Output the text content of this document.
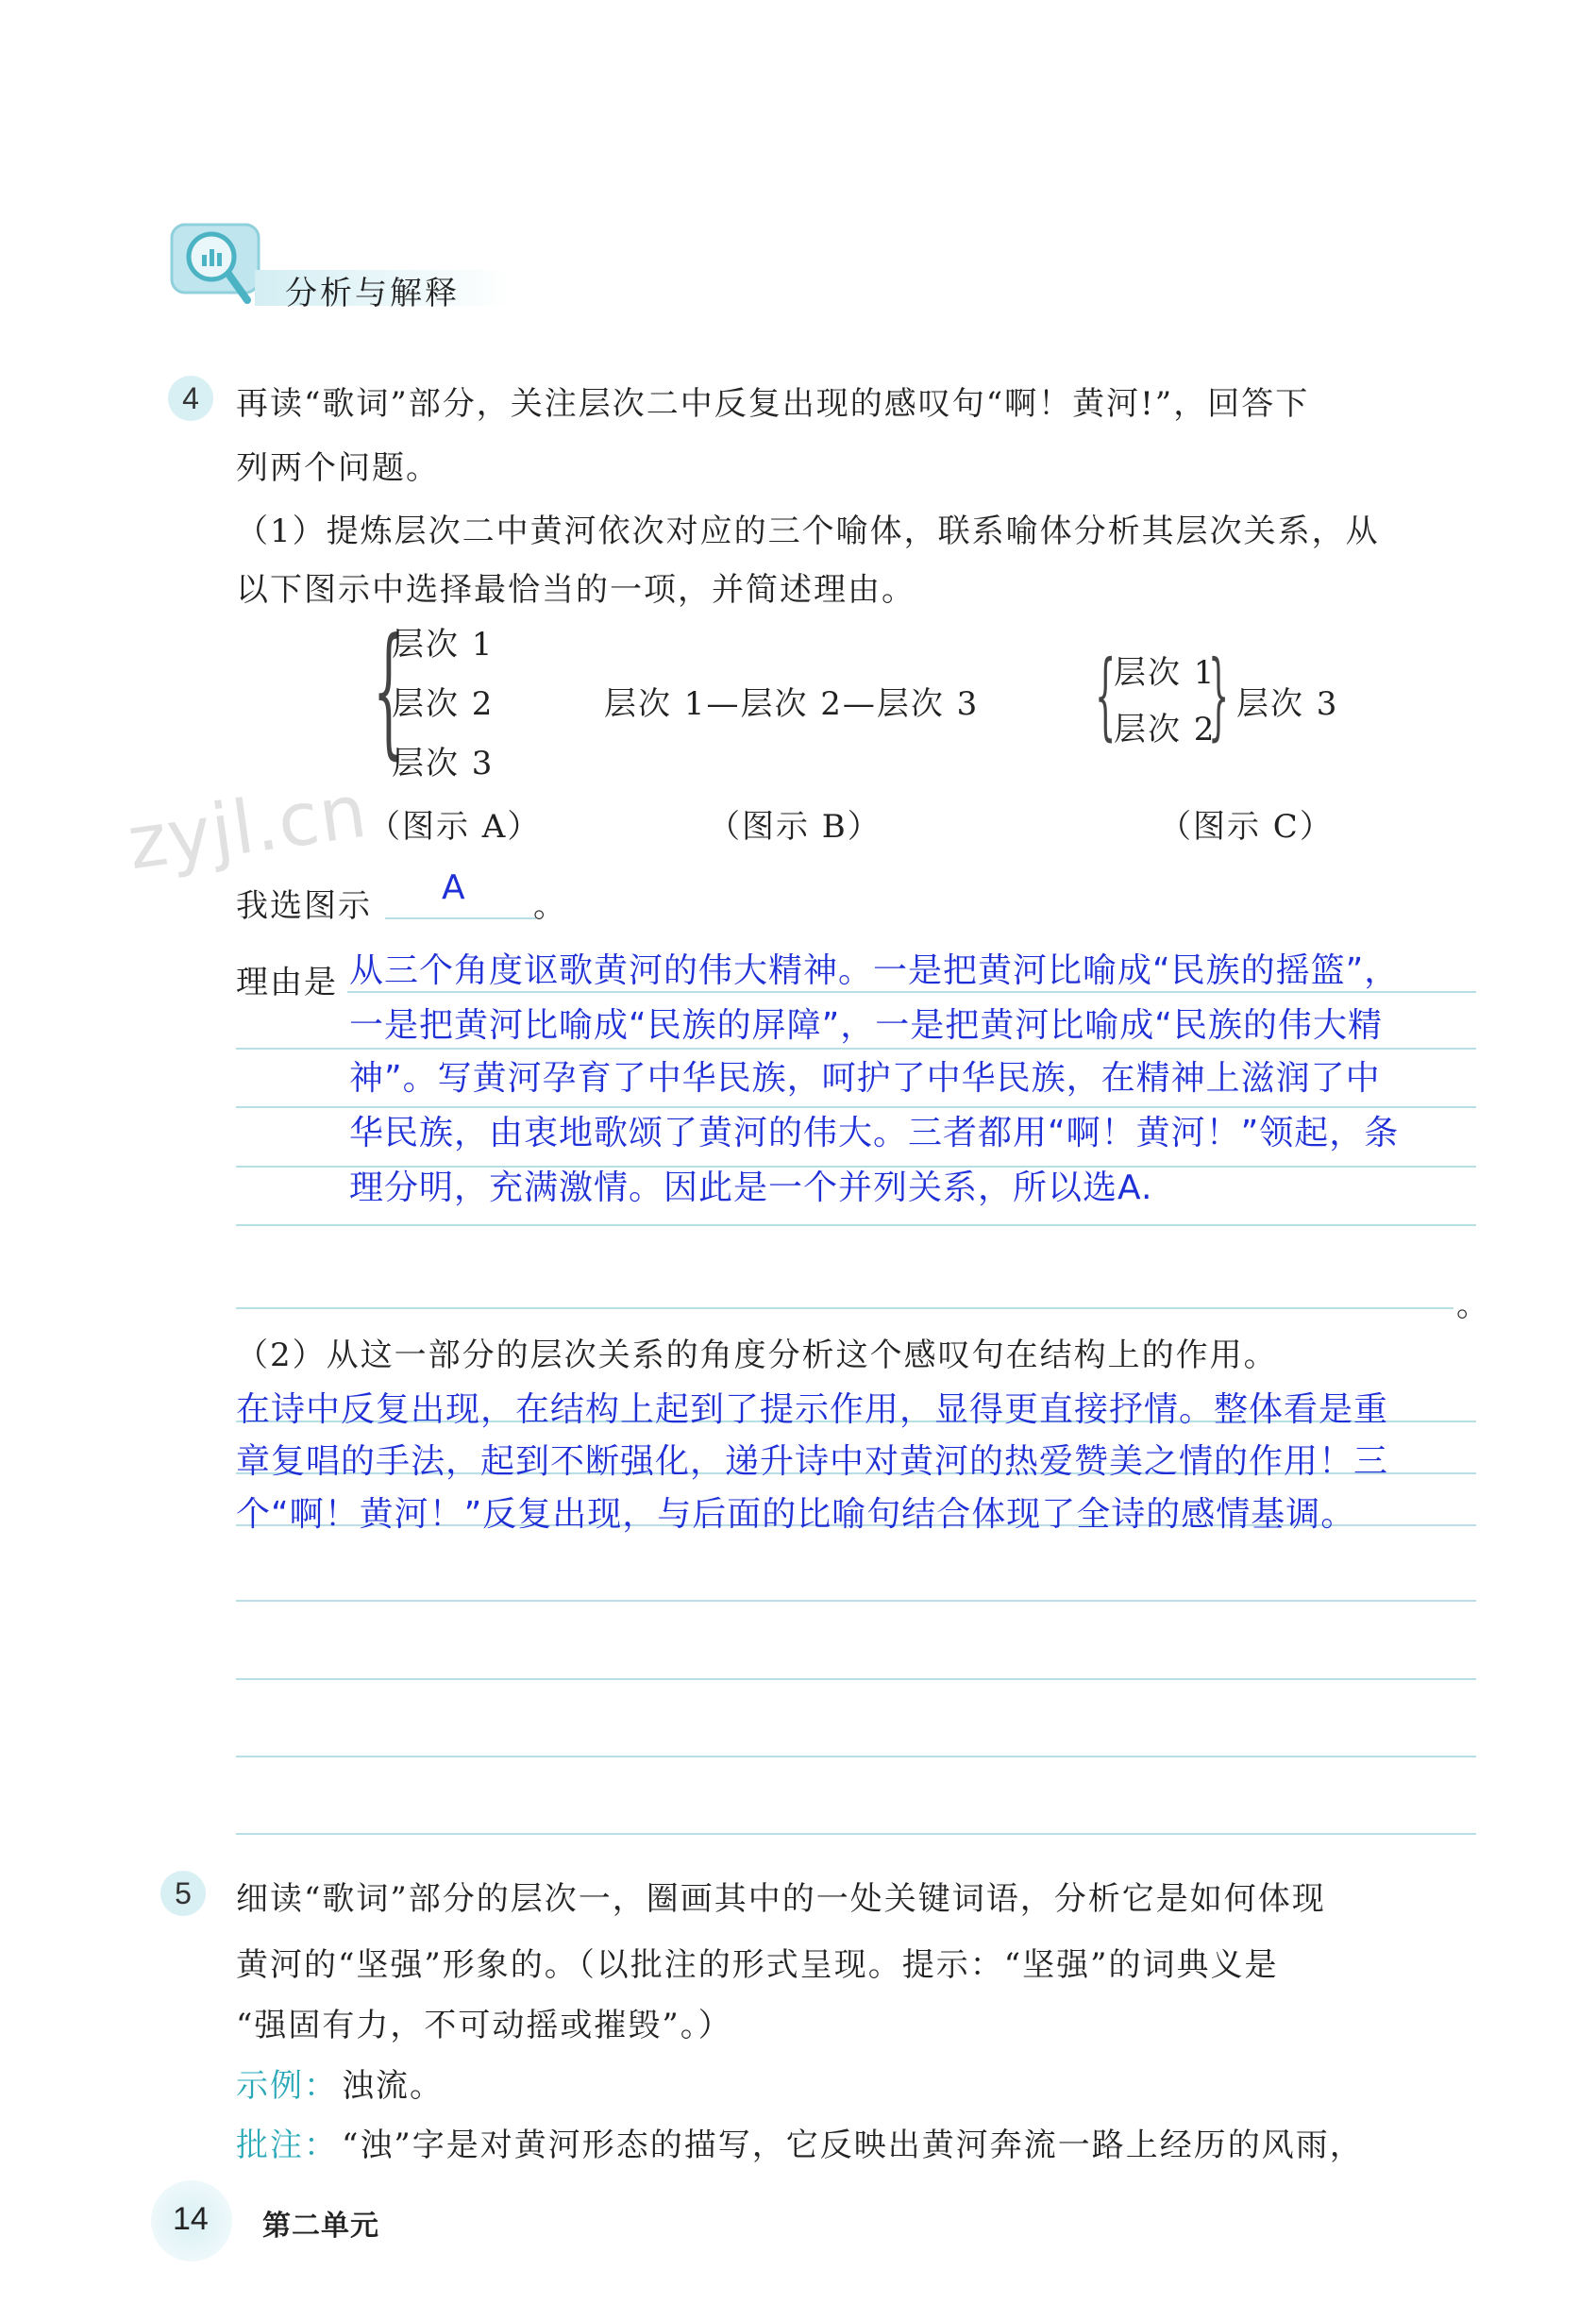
分析与解释
4	再读“歌词”部分，关注层次二中反复出现的感叹句“啊！黄河!”，回答下
列两个问题。
（1）提炼层次二中黄河依次对应的三个喻体，联系喻体分析其层次关系，从
以下图示中选择最恰当的一项，并简述理由。
{
层次 1
层次 2
层次 3
（图示 A）
层次 1—层次 2—层次 3
（图示 B）
{
层次 1
层次 2
} 层次 3
（图示 C）
zyjl.cn
我选图示 A 。
理由是
。
从三个角度讴歌黄河的伟大精神。一是把黄河比喻成“民族的摇篮”，
一是把黄河比喻成“民族的屏障”，一是把黄河比喻成“民族的伟大精
神”。写黄河孕育了中华民族，呵护了中华民族，在精神上滋润了中
华民族，由衷地歌颂了黄河的伟大。三者都用“啊！黄河！”领起，条
理分明，充满激情。因此是一个并列关系，所以选A.
（2）从这一部分的层次关系的角度分析这个感叹句在结构上的作用。
在诗中反复出现，在结构上起到了提示作用，显得更直接抒情。整体看是重
章复唱的手法，起到不断强化，递升诗中对黄河的热爱赞美之情的作用！三
个“啊！黄河！”反复出现，与后面的比喻句结合体现了全诗的感情基调。
5	细读“歌词”部分的层次一，圈画其中的一处关键词语，分析它是如何体现
黄河的“坚强”形象的。（以批注的形式呈现。提示：“坚强”的词典义是
“强固有力，不可动摇或摧毁”。）
示例： 浊流。
批注： “浊”字是对黄河形态的描写，它反映出黄河奔流一路上经历的风雨，
14 第二单元
